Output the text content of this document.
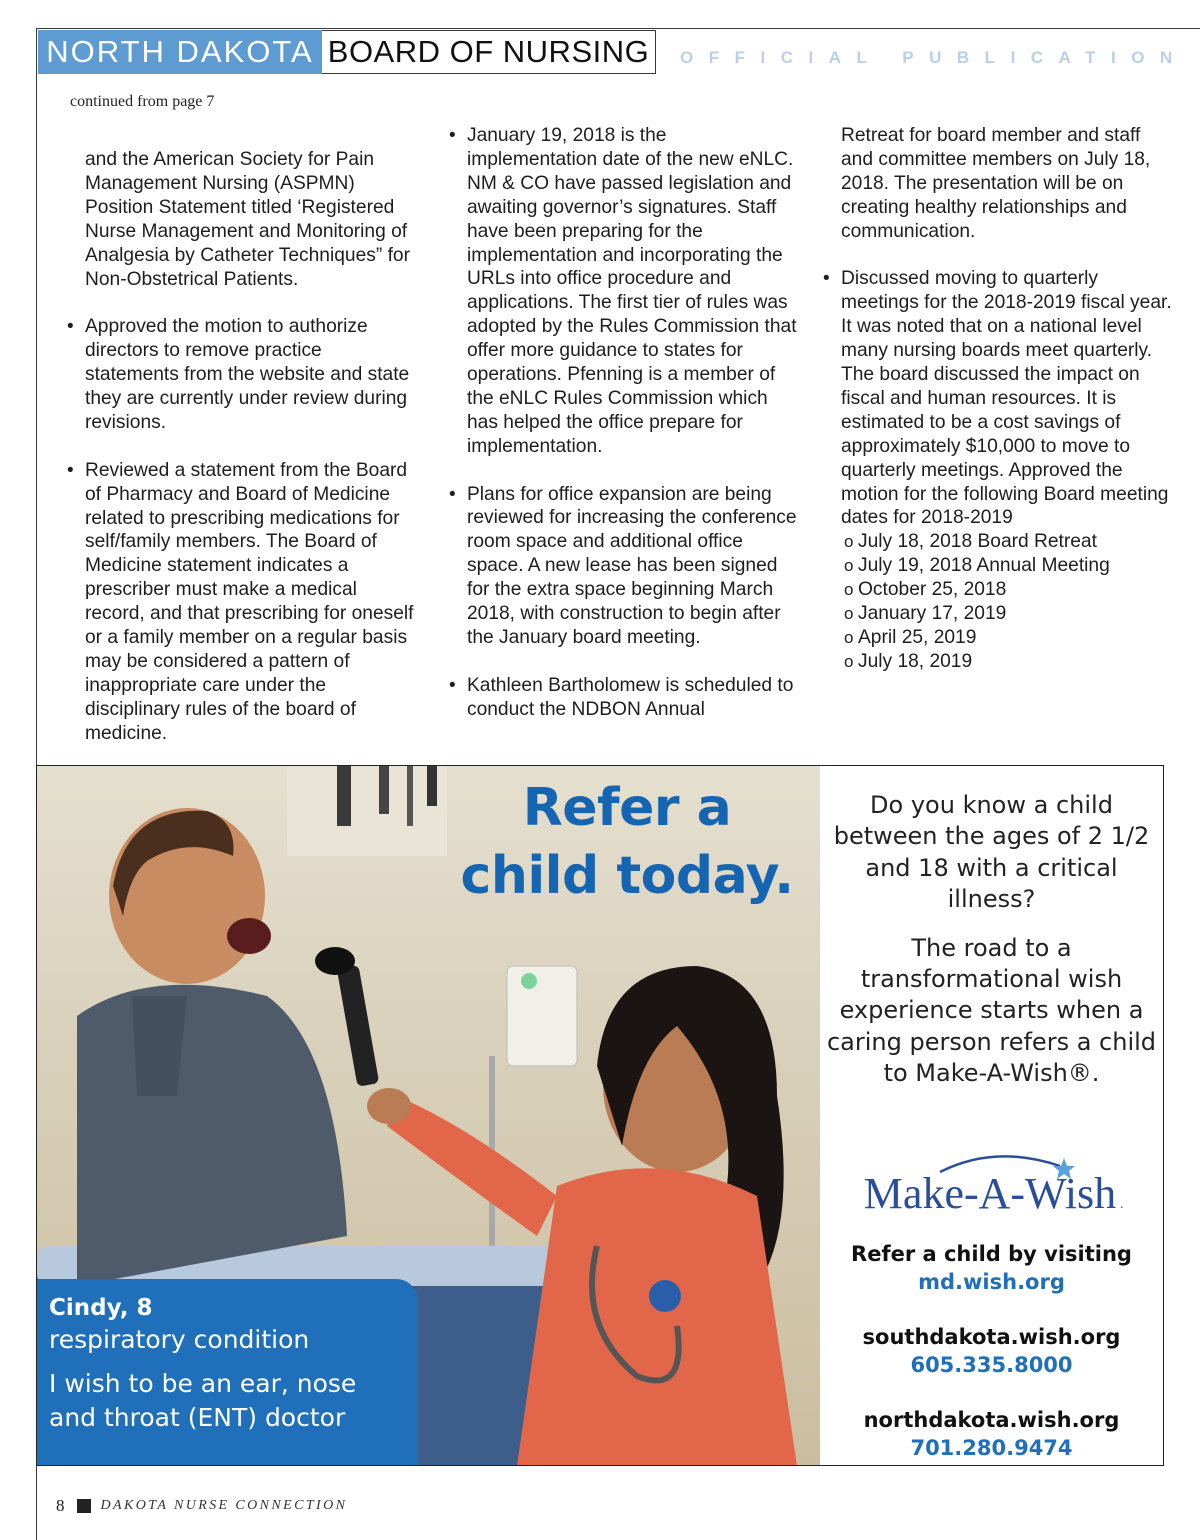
NORTH DAKOTA BOARD OF NURSING	OFFICIAL PUBLICATION
continued from page 7

and the American Society for Pain Management Nursing (ASPMN) Position Statement titled ‘Registered Nurse Management and Monitoring of Analgesia by Catheter Techniques” for Non-Obstetrical Patients.

• Approved the motion to authorize directors to remove practice statements from the website and state they are currently under review during revisions.

• Reviewed a statement from the Board of Pharmacy and Board of Medicine related to prescribing medications for self/family members. The Board of Medicine statement indicates a prescriber must make a medical record, and that prescribing for oneself or a family member on a regular basis may be considered a pattern of inappropriate care under the disciplinary rules of the board of medicine.

• January 19, 2018 is the implementation date of the new eNLC. NM & CO have passed legislation and awaiting governor’s signatures. Staff have been preparing for the implementation and incorporating the URLs into office procedure and applications. The first tier of rules was adopted by the Rules Commission that offer more guidance to states for operations. Pfenning is a member of the eNLC Rules Commission which has helped the office prepare for implementation.

• Plans for office expansion are being reviewed for increasing the conference room space and additional office space. A new lease has been signed for the extra space beginning March 2018, with construction to begin after the January board meeting.

• Kathleen Bartholomew is scheduled to conduct the NDBON Annual

Retreat for board member and staff and committee members on July 18, 2018. The presentation will be on creating healthy relationships and communication.

• Discussed moving to quarterly meetings for the 2018-2019 fiscal year. It was noted that on a national level many nursing boards meet quarterly. The board discussed the impact on fiscal and human resources. It is estimated to be a cost savings of approximately $10,000 to move to quarterly meetings. Approved the motion for the following Board meeting dates for 2018-2019

o July 18, 2018 Board Retreat
o July 19, 2018 Annual Meeting
o October 25, 2018
o January 17, 2019
o April 25, 2019
o July 18, 2019
Refer a
child today.
Cindy, 8
respiratory condition
I wish to be an ear, nose and throat (ENT) doctor
Do you know a child between the ages of 2 1/2 and 18 with a critical illness?
The road to a transformational wish experience starts when a caring person refers a child to Make-A-Wish®.
Make-A-Wish .
Refer a child by visiting
md.wish.org
southdakota.wish.org
605.335.8000
northdakota.wish.org
701.280.9474
8	DAKOTA NURSE CONNECTION
